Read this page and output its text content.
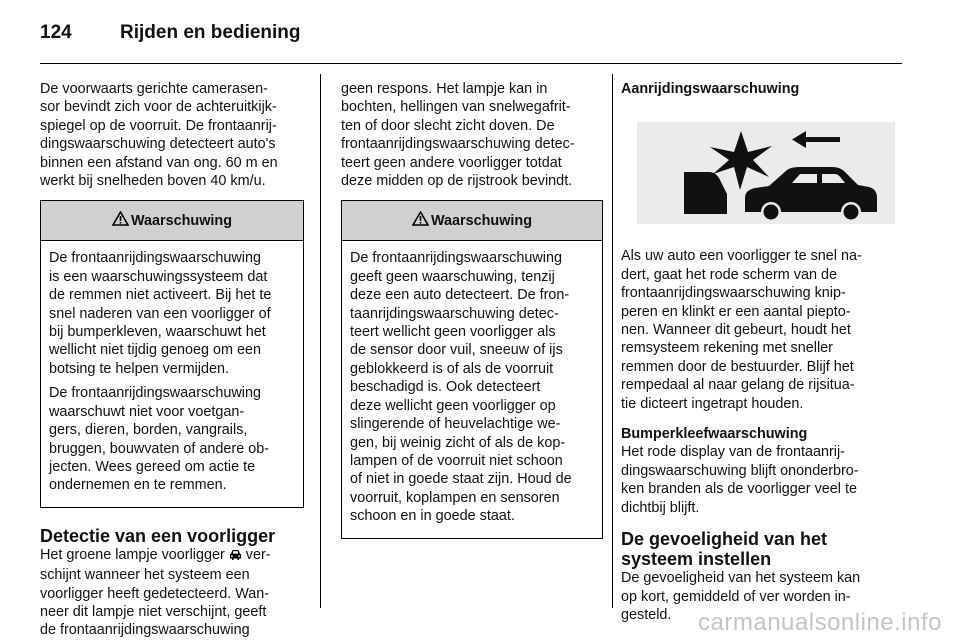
124	Rijden en bediening

De voorwaarts gerichte camerasen-
sor bevindt zich voor de achteruitkijk-
spiegel op de voorruit. De frontaanrij-
dingswaarschuwing detecteert auto's
binnen een afstand van ong. 60 m en
werkt bij snelheden boven 40 km/u.

Waarschuwing

De frontaanrijdingswaarschuwing
is een waarschuwingssysteem dat
de remmen niet activeert. Bij het te
snel naderen van een voorligger of
bij bumperkleven, waarschuwt het
wellicht niet tijdig genoeg om een
botsing te helpen vermijden.

De frontaanrijdingswaarschuwing
waarschuwt niet voor voetgan-
gers, dieren, borden, vangrails,
bruggen, bouwvaten of andere ob-
jecten. Wees gereed om actie te
ondernemen en te remmen.

Detectie van een voorligger

Het groene lampje voorligger ver-
schijnt wanneer het systeem een
voorligger heeft gedetecteerd. Wan-
neer dit lampje niet verschijnt, geeft
de frontaanrijdingswaarschuwing

geen respons. Het lampje kan in
bochten, hellingen van snelwegafrit-
ten of door slecht zicht doven. De
frontaanrijdingswaarschuwing detec-
teert geen andere voorligger totdat
deze midden op de rijstrook bevindt.

Waarschuwing

De frontaanrijdingswaarschuwing
geeft geen waarschuwing, tenzij
deze een auto detecteert. De fron-
taanrijdingswaarschuwing detec-
teert wellicht geen voorligger als
de sensor door vuil, sneeuw of ijs
geblokkeerd is of als de voorruit
beschadigd is. Ook detecteert
deze wellicht geen voorligger op
slingerende of heuvelachtige we-
gen, bij weinig zicht of als de kop-
lampen of de voorruit niet schoon
of niet in goede staat zijn. Houd de
voorruit, koplampen en sensoren
schoon en in goede staat.

Aanrijdingswaarschuwing

Als uw auto een voorligger te snel na-
dert, gaat het rode scherm van de
frontaanrijdingswaarschuwing knip-
peren en klinkt er een aantal piepto-
nen. Wanneer dit gebeurt, houdt het
remsysteem rekening met sneller
remmen door de bestuurder. Blijf het
rempedaal al naar gelang de rijsitua-
tie dicteert ingetrapt houden.

Bumperkleefwaarschuwing

Het rode display van de frontaanrij-
dingswaarschuwing blijft ononderbro-
ken branden als de voorligger veel te
dichtbij blijft.

De gevoeligheid van het
systeem instellen

De gevoeligheid van het systeem kan
op kort, gemiddeld of ver worden in-
gesteld.	carmanualsonline.info
